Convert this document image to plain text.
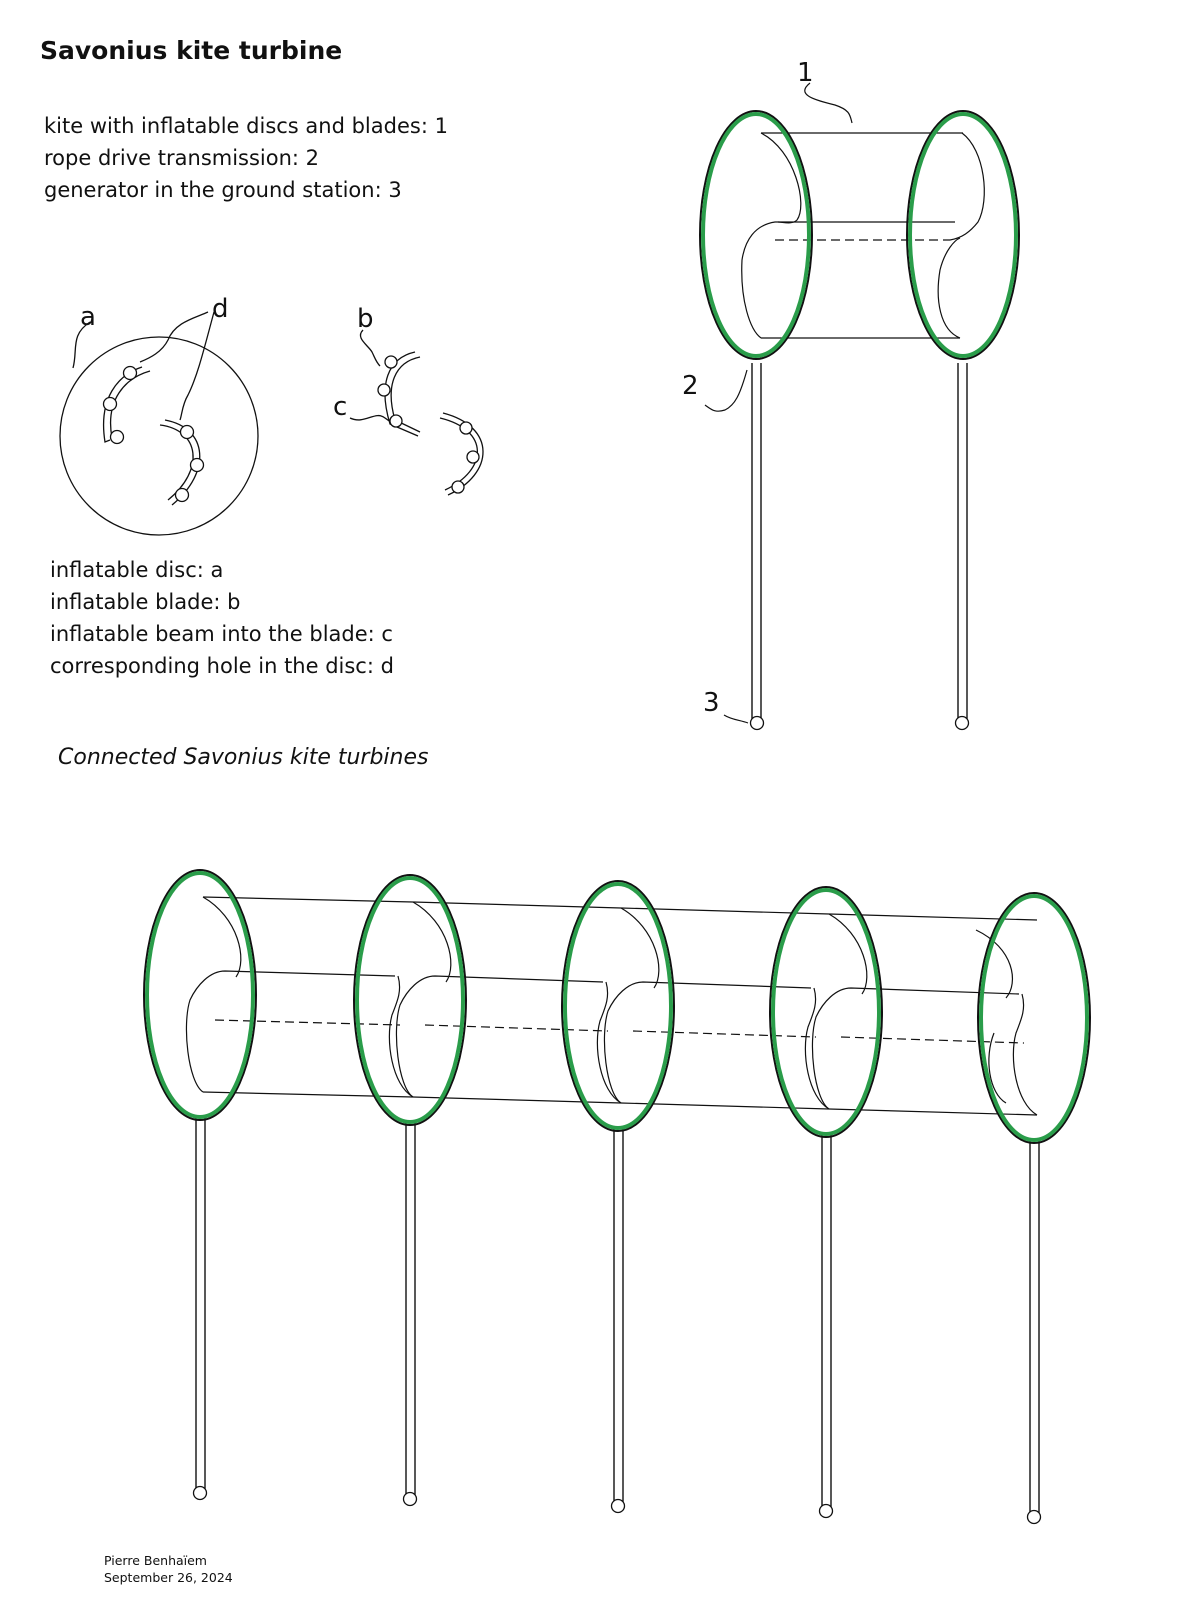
Savonius kite turbine
kite with inflatable discs and blades: 1
rope drive transmission: 2
generator in the ground station: 3
inflatable disc: a
inflatable blade: b
inflatable beam into the blade: c
corresponding hole in the disc: d
Connected Savonius kite turbines
Pierre Benhaïem
September 26, 2024
a	d	b
c
1
2
3
